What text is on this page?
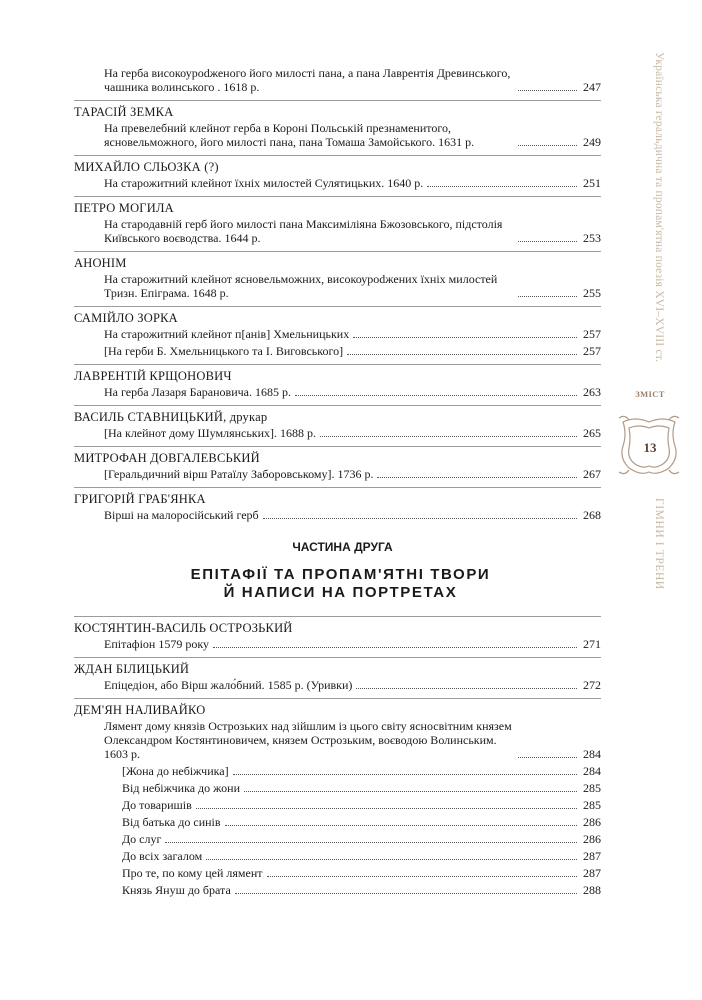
Українська геральдична та пропам'ятна поезія XVI–XVIII ст.
ЗМІСТ
13
ГІМНИ І ТРЕНИ
На герба високоурodженого його милості пана, а пана Лаврентія Древинського, чашника волинського . 1618 р.	247
ТАРАСІЙ ЗЕМКА
На превелебний клейнот герба в Короні Польській презнаменитого, ясновельможного, його милості пана, пана Томаша Замойського. 1631 р.	249
МИХАЙЛО СЛЬОЗКА (?)
На старожитний клейнот їхніх милостей Сулятицьких. 1640 р.	251
ПЕТРО МОГИЛА
На стародавній герб його милості пана Максиміліяна Бжозовського, підстолія Київського воєводства. 1644 р.	253
АНОНІМ
На старожитний клейнот ясновельможних, високоурodжених їхніх милостей Тризн. Епіграма. 1648 р.	255
САМІЙЛО ЗОРКА
На старожитний клейнот п[анів] Хмельницьких	257
[На герби Б. Хмельницького та І. Виговського]	257
ЛАВРЕНТІЙ КРЩОНОВИЧ
На герба Лазаря Барановича. 1685 р.	263
ВАСИЛЬ СТАВНИЦЬКИЙ, друкар
[На клейнот дому Шумлянських]. 1688 р.	265
МИТРОФАН ДОВГАЛЕВСЬКИЙ
[Геральдичний вірш Ратаїлу Заборовському]. 1736 р.	267
ГРИГОРІЙ ГРАБ'ЯНКА
Вірші на малоросійський герб	268
ЧАСТИНА ДРУГА
ЕПІТАФІЇ ТА ПРОПАМ'ЯТНІ ТВОРИ
Й НАПИСИ НА ПОРТРЕТАХ
КОСТЯНТИН-ВАСИЛЬ ОСТРОЗЬКИЙ
Епітафіон 1579 року	271
ЖДАН БІЛИЦЬКИЙ
Епіцедіон, або Вірш жало́бний. 1585 р. (Уривки)	272
ДЕМ'ЯН НАЛИВАЙКО
Лямент дому князів Острозьких над зійшлим із цього світу ясносвітним князем Олександром Костянтиновичем, князем Острозьким, воєводою Волинським. 1603 р.	284
[Жона до небіжчика]	284
Від небіжчика до жони	285
До товаришів	285
Від батька до синів	286
До слуг	286
До всіх загалом	287
Про те, по кому цей лямент	287
Князь Януш до брата	288
